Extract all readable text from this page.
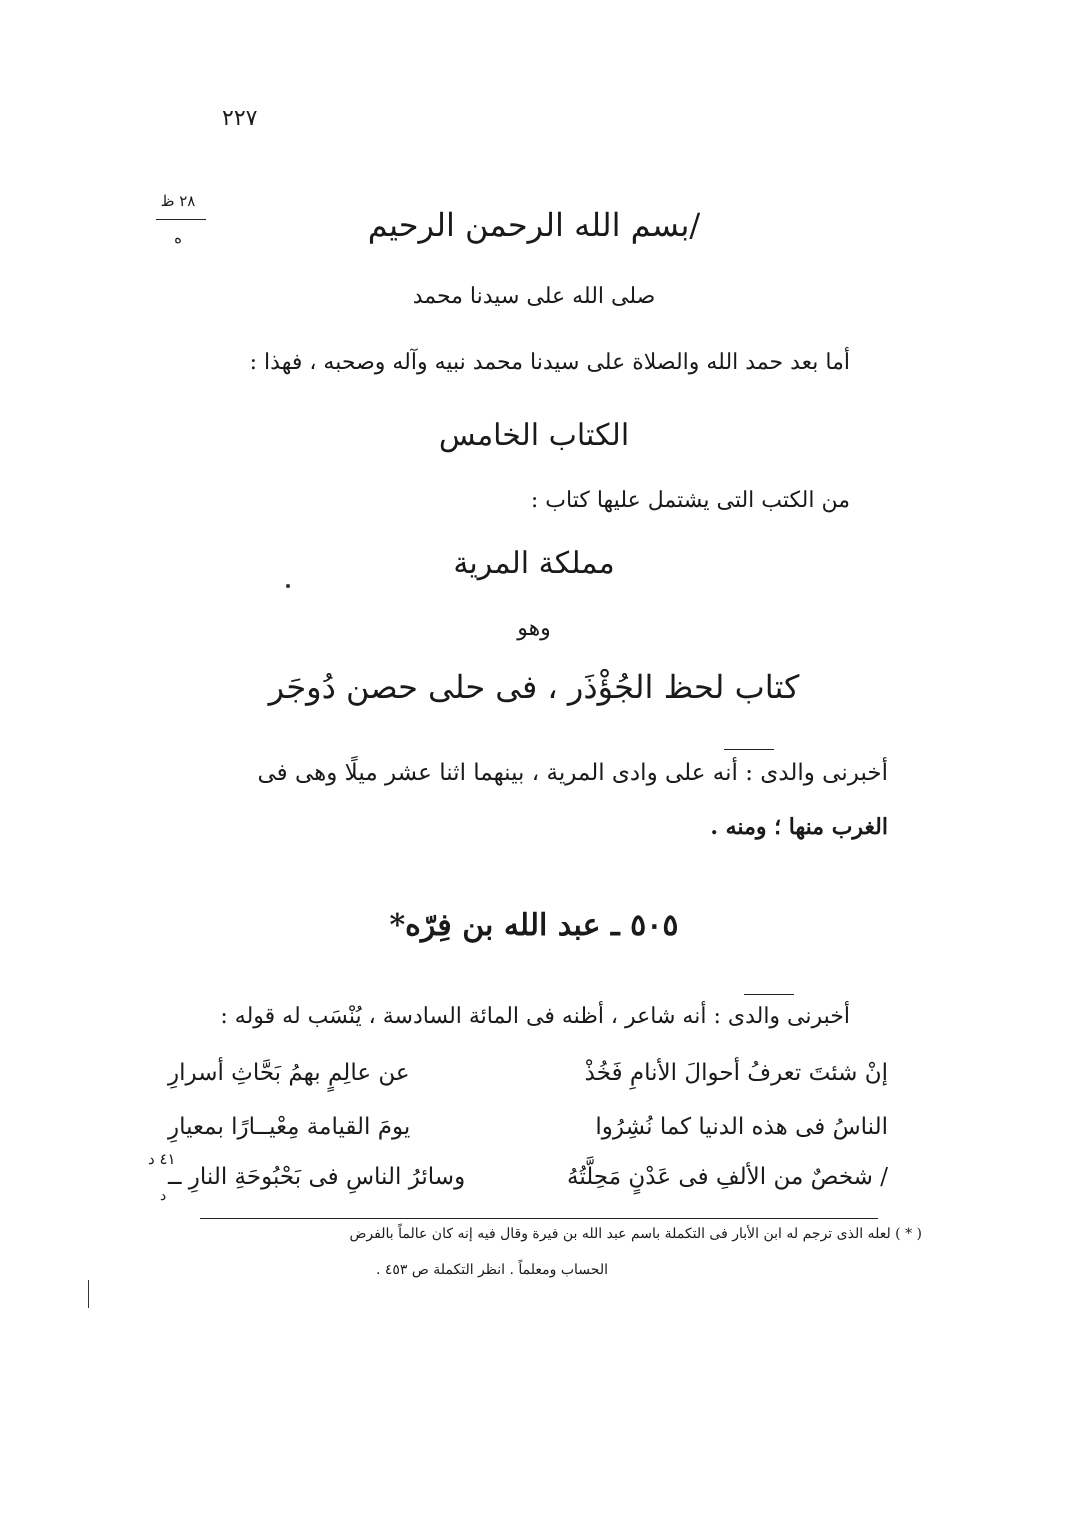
٢٢٧
٢٨ ظ
ه	/بسم الله الرحمن الرحيم
صلى الله على سيدنا محمد
أما بعد حمد الله والصلاة على سيدنا محمد نبيه وآله وصحبه ، فهذا :
الكتاب الخامس
من الكتب التى يشتمل عليها كتاب :
مملكة المرية
وهو
كتاب لحظ الجُؤْذَر ، فى حلى حصن دُوجَر
أخبرنى والدى : أنه على وادى المرية ، بينهما اثنا عشر ميلًا وهى فى
الغرب منها ؛ ومنه .
٥٠٥ ـ عبد الله بن فِرّه*
أخبرنى والدى : أنه شاعر ، أظنه فى المائة السادسة ، يُنْسَب له قوله :
إنْ شئتَ تعرفُ أحوالَ الأنامِ فَخُذْ
عن عالِمٍ بهمُ بَحَّاثِ أسرارِ
الناسُ فى هذه الدنيا كما نُشِرُوا
يومَ القيامة مِعْيــارًا بمعيارِ
/ شخصٌ من الألفِ فى عَدْنٍ مَحِلَّتُهُ
وسائرُ الناسِ فى بَحْبُوحَةِ النارِ ــ
٤١ د
د
( * ) لعله الذى ترجم له ابن الأبار فى التكملة باسم عبد الله بن فيرة وقال فيه إنه كان عالماً بالفرض
الحساب ومعلماً . انظر التكملة ص ٤٥٣ .
